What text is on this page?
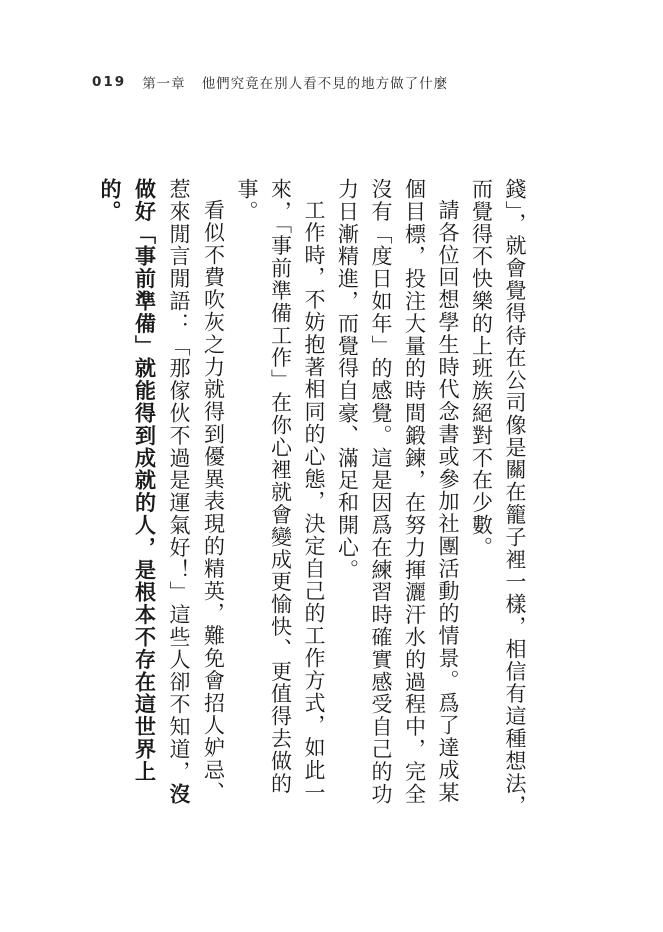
019 第一章 他們究竟在別人看不見的地方做了什麼

錢」，就會覺得待在公司像是關在籠子裡一樣，相信有這種想法，而覺得不快樂的上班族絕對不在少數。

請各位回想學生時代念書或參加社團活動的情景。爲了達成某個目標，投注大量的時間鍛鍊，在努力揮灑汗水的過程中，完全沒有「度日如年」的感覺。這是因爲在練習時確實感受自己的功力日漸精進，而覺得自豪、滿足和開心。

工作時，不妨抱著相同的心態，決定自己的工作方式，如此一來，「事前準備工作」在你心裡就會變成更愉快、更值得去做的事。

看似不費吹灰之力就得到優異表現的精英，難免會招人妒忌、惹來閒言閒語：「那傢伙不過是運氣好！」這些人卻不知道，沒做好「事前準備」就能得到成就的人，是根本不存在這世界上的。
